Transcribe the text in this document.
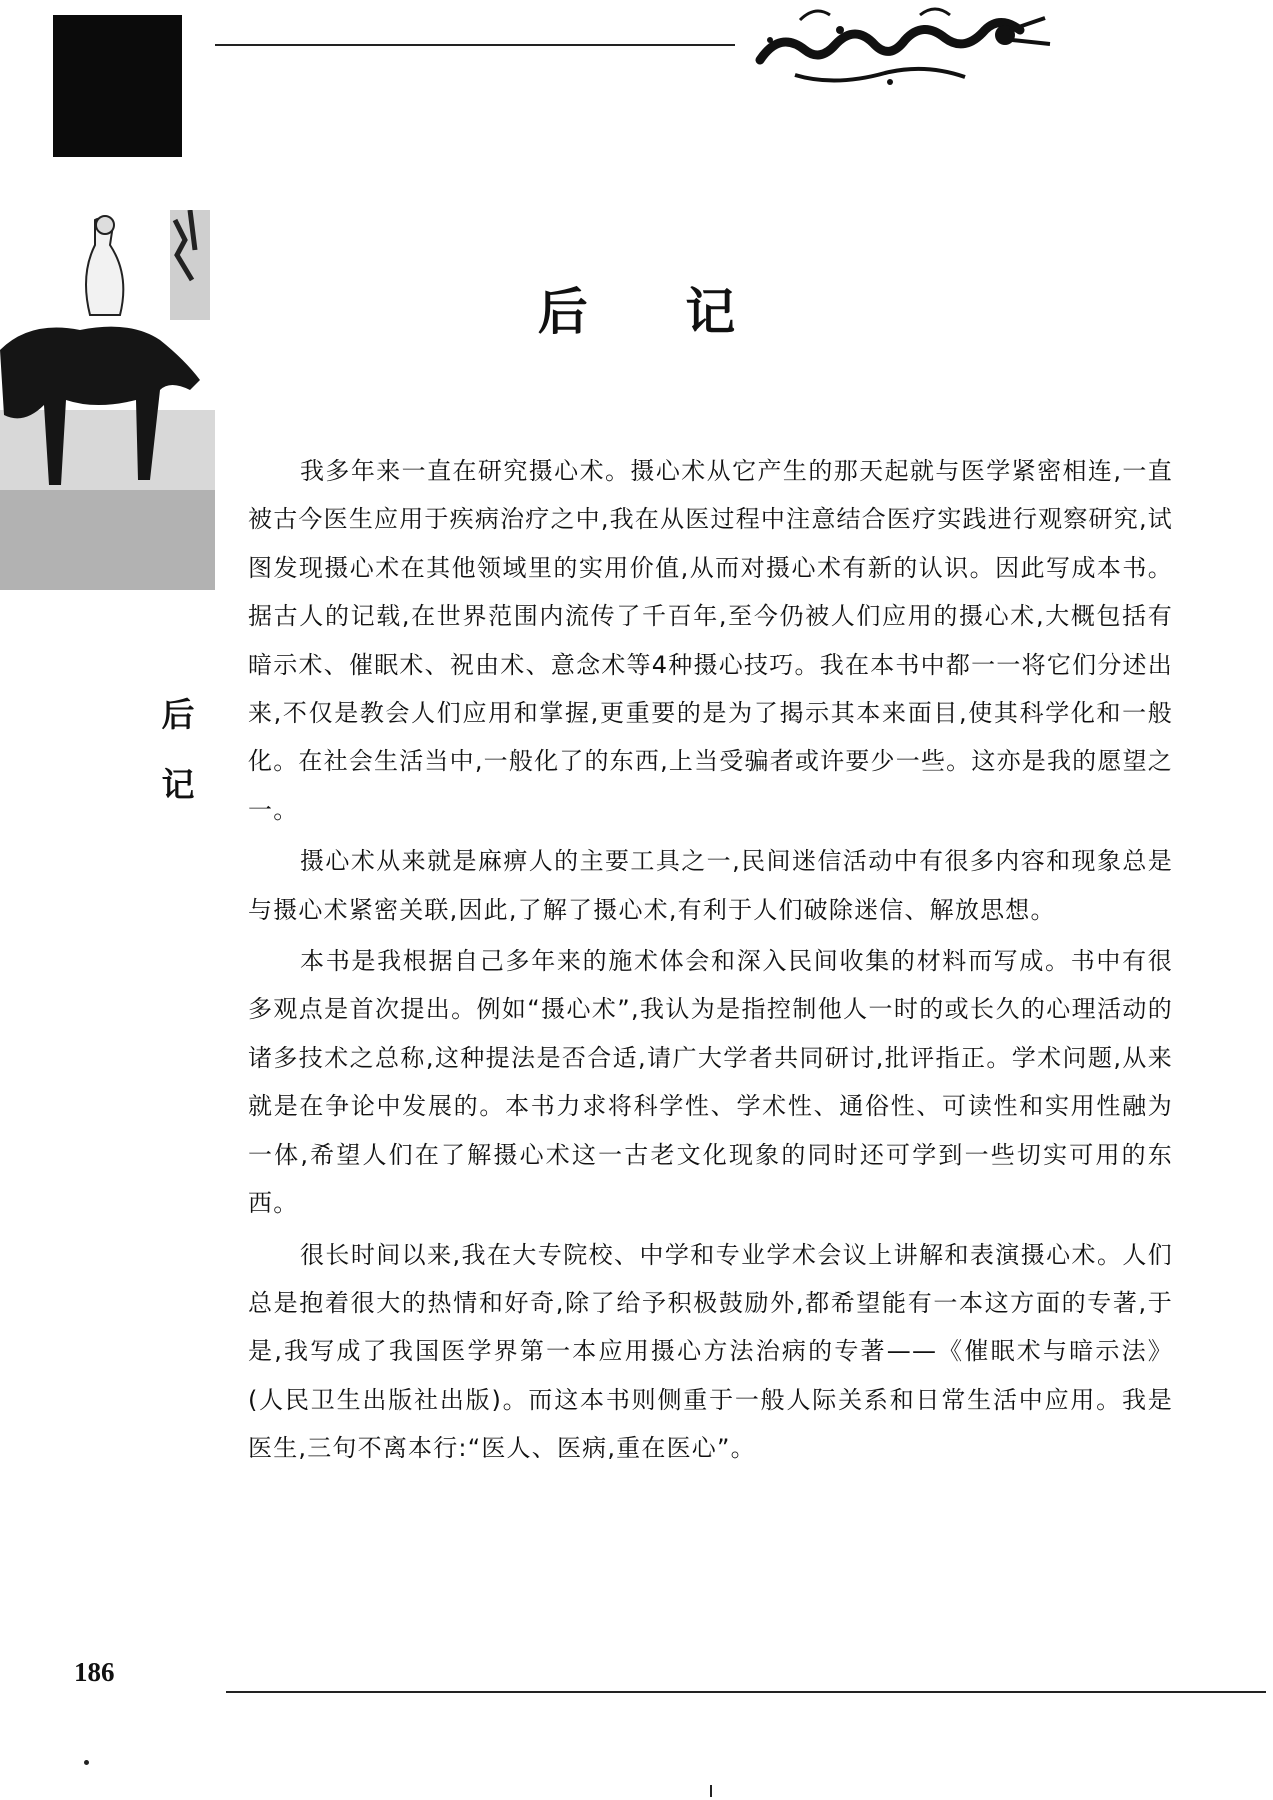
后 记
后
记

我多年来一直在研究摄心术。摄心术从它产生的那天起就与医学紧密相连,一直被古今医生应用于疾病治疗之中,我在从医过程中注意结合医疗实践进行观察研究,试图发现摄心术在其他领域里的实用价值,从而对摄心术有新的认识。因此写成本书。据古人的记载,在世界范围内流传了千百年,至今仍被人们应用的摄心术,大概包括有暗示术、催眠术、祝由术、意念术等4种摄心技巧。我在本书中都一一将它们分述出来,不仅是教会人们应用和掌握,更重要的是为了揭示其本来面目,使其科学化和一般化。在社会生活当中,一般化了的东西,上当受骗者或许要少一些。这亦是我的愿望之一。

摄心术从来就是麻痹人的主要工具之一,民间迷信活动中有很多内容和现象总是与摄心术紧密关联,因此,了解了摄心术,有利于人们破除迷信、解放思想。

本书是我根据自己多年来的施术体会和深入民间收集的材料而写成。书中有很多观点是首次提出。例如“摄心术”,我认为是指控制他人一时的或长久的心理活动的诸多技术之总称,这种提法是否合适,请广大学者共同研讨,批评指正。学术问题,从来就是在争论中发展的。本书力求将科学性、学术性、通俗性、可读性和实用性融为一体,希望人们在了解摄心术这一古老文化现象的同时还可学到一些切实可用的东西。

很长时间以来,我在大专院校、中学和专业学术会议上讲解和表演摄心术。人们总是抱着很大的热情和好奇,除了给予积极鼓励外,都希望能有一本这方面的专著,于是,我写成了我国医学界第一本应用摄心方法治病的专著——《催眠术与暗示法》(人民卫生出版社出版)。而这本书则侧重于一般人际关系和日常生活中应用。我是医生,三句不离本行:“医人、医病,重在医心”。

186
